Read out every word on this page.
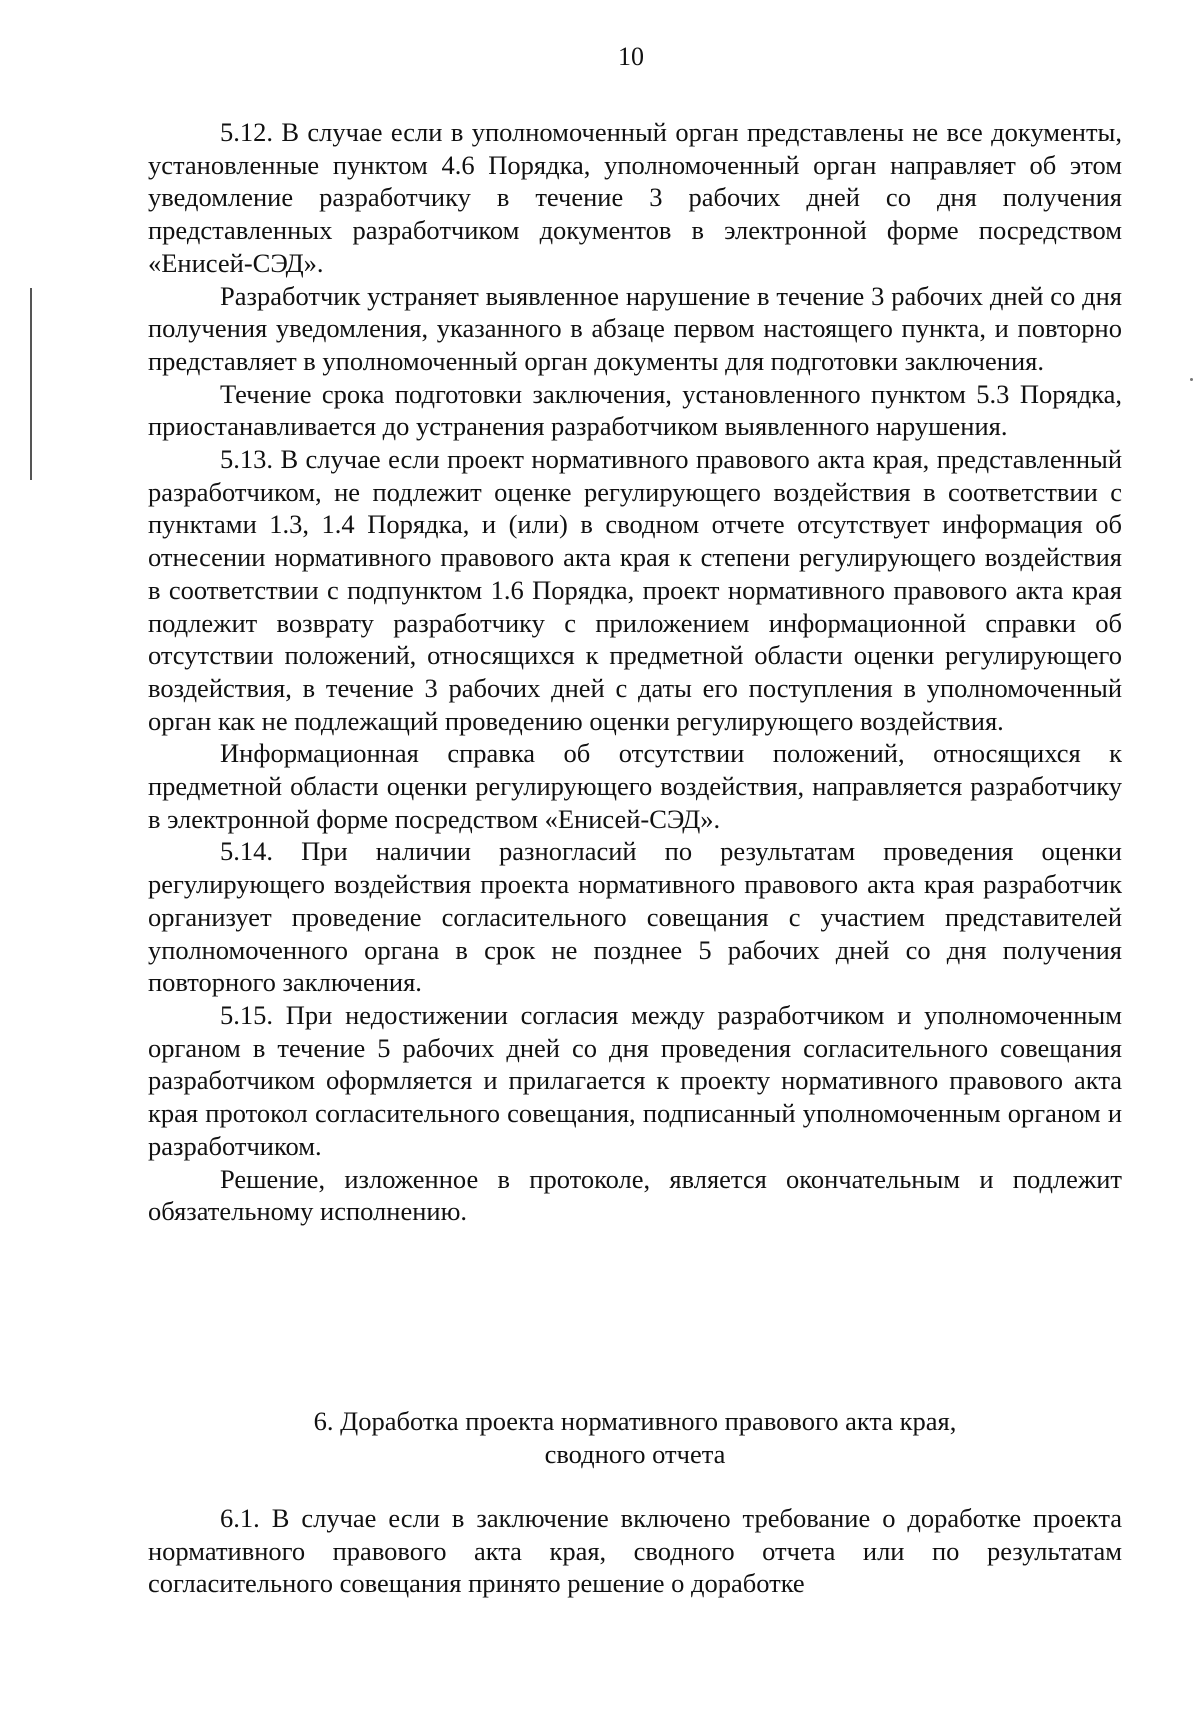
10

5.12. В случае если в уполномоченный орган представлены не все документы, установленные пунктом 4.6 Порядка, уполномоченный орган направляет об этом уведомление разработчику в течение 3 рабочих дней со дня получения представленных разработчиком документов в электронной форме посредством «Енисей-СЭД».

Разработчик устраняет выявленное нарушение в течение 3 рабочих дней со дня получения уведомления, указанного в абзаце первом настоящего пункта, и повторно представляет в уполномоченный орган документы для подготовки заключения.

Течение срока подготовки заключения, установленного пунктом 5.3 Порядка, приостанавливается до устранения разработчиком выявленного нарушения.

5.13. В случае если проект нормативного правового акта края, представленный разработчиком, не подлежит оценке регулирующего воздействия в соответствии с пунктами 1.3, 1.4 Порядка, и (или) в сводном отчете отсутствует информация об отнесении нормативного правового акта края к степени регулирующего воздействия в соответствии с подпунктом 1.6 Порядка, проект нормативного правового акта края подлежит возврату разработчику с приложением информационной справки об отсутствии положений, относящихся к предметной области оценки регулирующего воздействия, в течение 3 рабочих дней с даты его поступления в уполномоченный орган как не подлежащий проведению оценки регулирующего воздействия.

Информационная справка об отсутствии положений, относящихся к предметной области оценки регулирующего воздействия, направляется разработчику в электронной форме посредством «Енисей-СЭД».

5.14. При наличии разногласий по результатам проведения оценки регулирующего воздействия проекта нормативного правового акта края разработчик организует проведение согласительного совещания с участием представителей уполномоченного органа в срок не позднее 5 рабочих дней со дня получения повторного заключения.

5.15. При недостижении согласия между разработчиком и уполномоченным органом в течение 5 рабочих дней со дня проведения согласительного совещания разработчиком оформляется и прилагается к проекту нормативного правового акта края протокол согласительного совещания, подписанный уполномоченным органом и разработчиком.

Решение, изложенное в протоколе, является окончательным и подлежит обязательному исполнению.

6. Доработка проекта нормативного правового акта края,
сводного отчета

6.1. В случае если в заключение включено требование о доработке проекта нормативного правового акта края, сводного отчета или по результатам согласительного совещания принято решение о доработке
